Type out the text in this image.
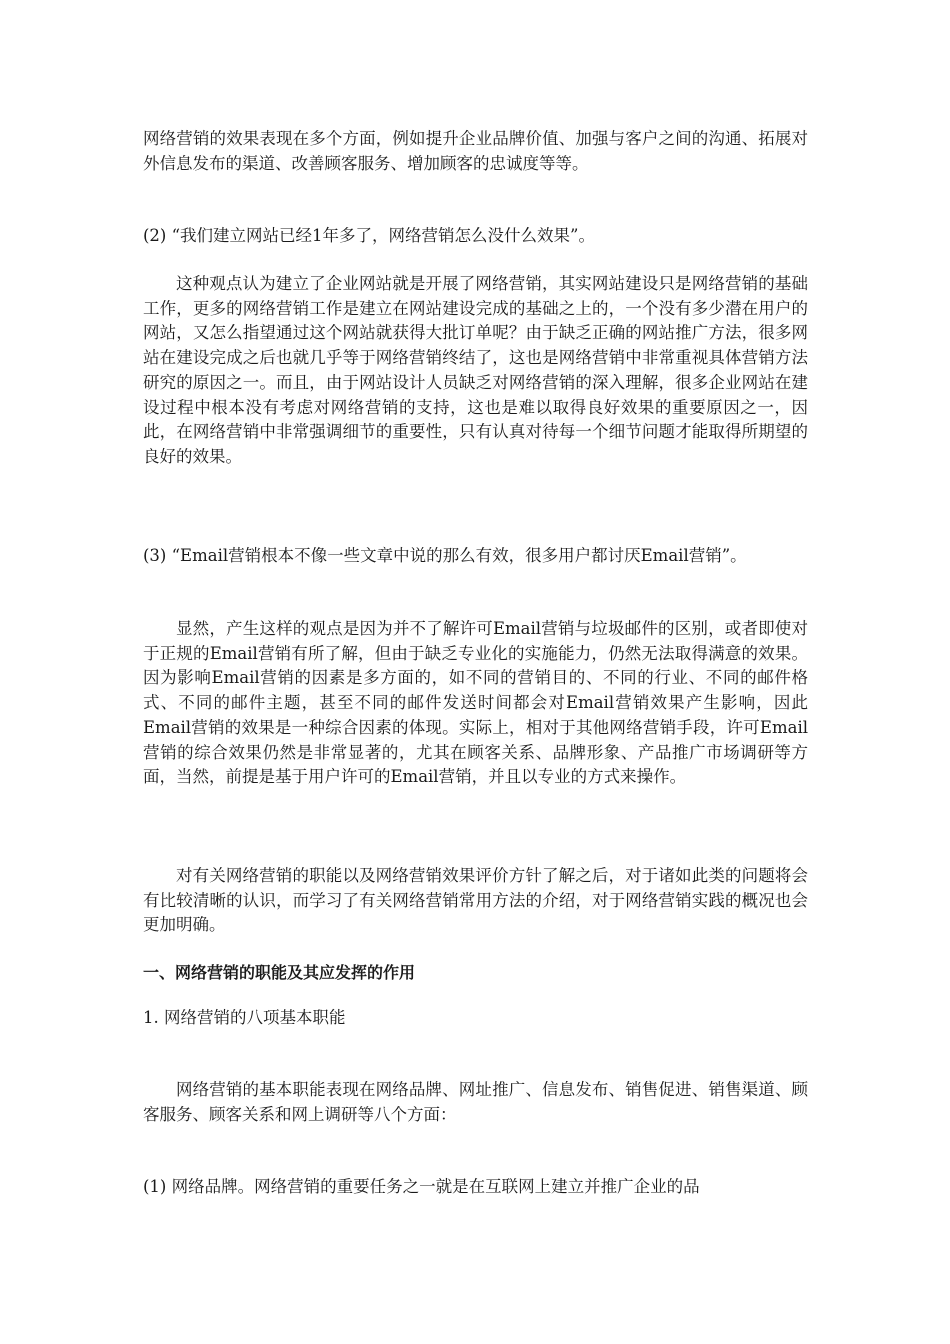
网络营销的效果表现在多个方面，例如提升企业品牌价值、加强与客户之间的沟通、拓展对外信息发布的渠道、改善顾客服务、增加顾客的忠诚度等等。

(2) “我们建立网站已经1年多了，网络营销怎么没什么效果”。

这种观点认为建立了企业网站就是开展了网络营销，其实网站建设只是网络营销的基础工作，更多的网络营销工作是建立在网站建设完成的基础之上的，一个没有多少潜在用户的网站，又怎么指望通过这个网站就获得大批订单呢？由于缺乏正确的网站推广方法，很多网站在建设完成之后也就几乎等于网络营销终结了，这也是网络营销中非常重视具体营销方法研究的原因之一。而且，由于网站设计人员缺乏对网络营销的深入理解，很多企业网站在建设过程中根本没有考虑对网络营销的支持，这也是难以取得良好效果的重要原因之一，因此，在网络营销中非常强调细节的重要性，只有认真对待每一个细节问题才能取得所期望的良好的效果。

(3) “Email营销根本不像一些文章中说的那么有效，很多用户都讨厌Email营销”。

显然，产生这样的观点是因为并不了解许可Email营销与垃圾邮件的区别，或者即使对于正规的Email营销有所了解，但由于缺乏专业化的实施能力，仍然无法取得满意的效果。因为影响Email营销的因素是多方面的，如不同的营销目的、不同的行业、不同的邮件格式、不同的邮件主题，甚至不同的邮件发送时间都会对Email营销效果产生影响，因此Email营销的效果是一种综合因素的体现。实际上，相对于其他网络营销手段，许可Email营销的综合效果仍然是非常显著的，尤其在顾客关系、品牌形象、产品推广市场调研等方面，当然，前提是基于用户许可的Email营销，并且以专业的方式来操作。

对有关网络营销的职能以及网络营销效果评价方针了解之后，对于诸如此类的问题将会有比较清晰的认识，而学习了有关网络营销常用方法的介绍，对于网络营销实践的概况也会更加明确。

一、网络营销的职能及其应发挥的作用

1. 网络营销的八项基本职能

网络营销的基本职能表现在网络品牌、网址推广、信息发布、销售促进、销售渠道、顾客服务、顾客关系和网上调研等八个方面：

(1) 网络品牌。网络营销的重要任务之一就是在互联网上建立并推广企业的品
